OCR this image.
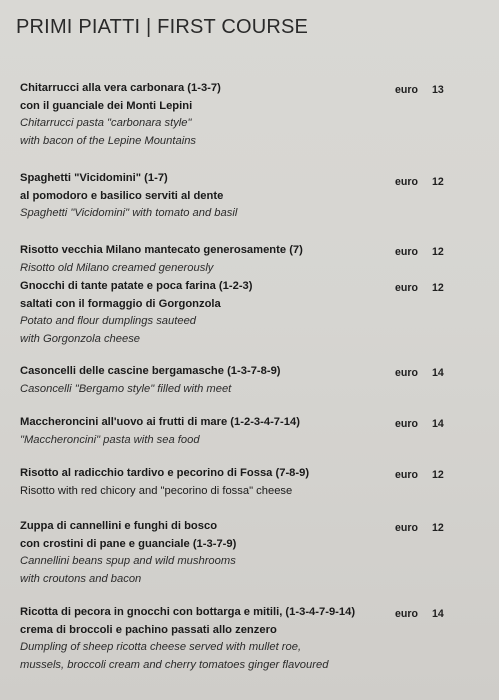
PRIMI PIATTI | FIRST COURSE
Chitarrucci alla vera carbonara (1-3-7)
con il guanciale dei Monti Lepini
Chitarrucci pasta "carbonara style"
with bacon of the Lepine Mountains
euro 13
Spaghetti "Vicidomini" (1-7)
al pomodoro e basilico serviti al dente
Spaghetti "Vicidomini" with tomato and basil
euro 12
Risotto vecchia Milano mantecato generosamente (7)
Risotto old Milano creamed generously
euro 12
Gnocchi di tante patate e poca farina (1-2-3)
saltati con il formaggio di Gorgonzola
Potato and flour dumplings sauteed
with Gorgonzola cheese
euro 12
Casoncelli delle cascine bergamasche (1-3-7-8-9)
Casoncelli "Bergamo style" filled with meet
euro 14
Maccheroncini all'uovo ai frutti di mare (1-2-3-4-7-14)
"Maccheroncini" pasta with sea food
euro 14
Risotto al radicchio tardivo e pecorino di Fossa (7-8-9)
Risotto with red chicory and "pecorino di fossa" cheese
euro 12
Zuppa di cannellini e funghi di bosco
con crostini di pane e guanciale (1-3-7-9)
Cannellini beans spup and wild mushrooms
with croutons and bacon
euro 12
Ricotta di pecora in gnocchi con bottarga e mitili, (1-3-4-7-9-14)
crema di broccoli e pachino passati allo zenzero
Dumpling of sheep ricotta cheese served with mullet roe,
mussels, broccoli cream and cherry tomatoes ginger flavoured
euro 14
